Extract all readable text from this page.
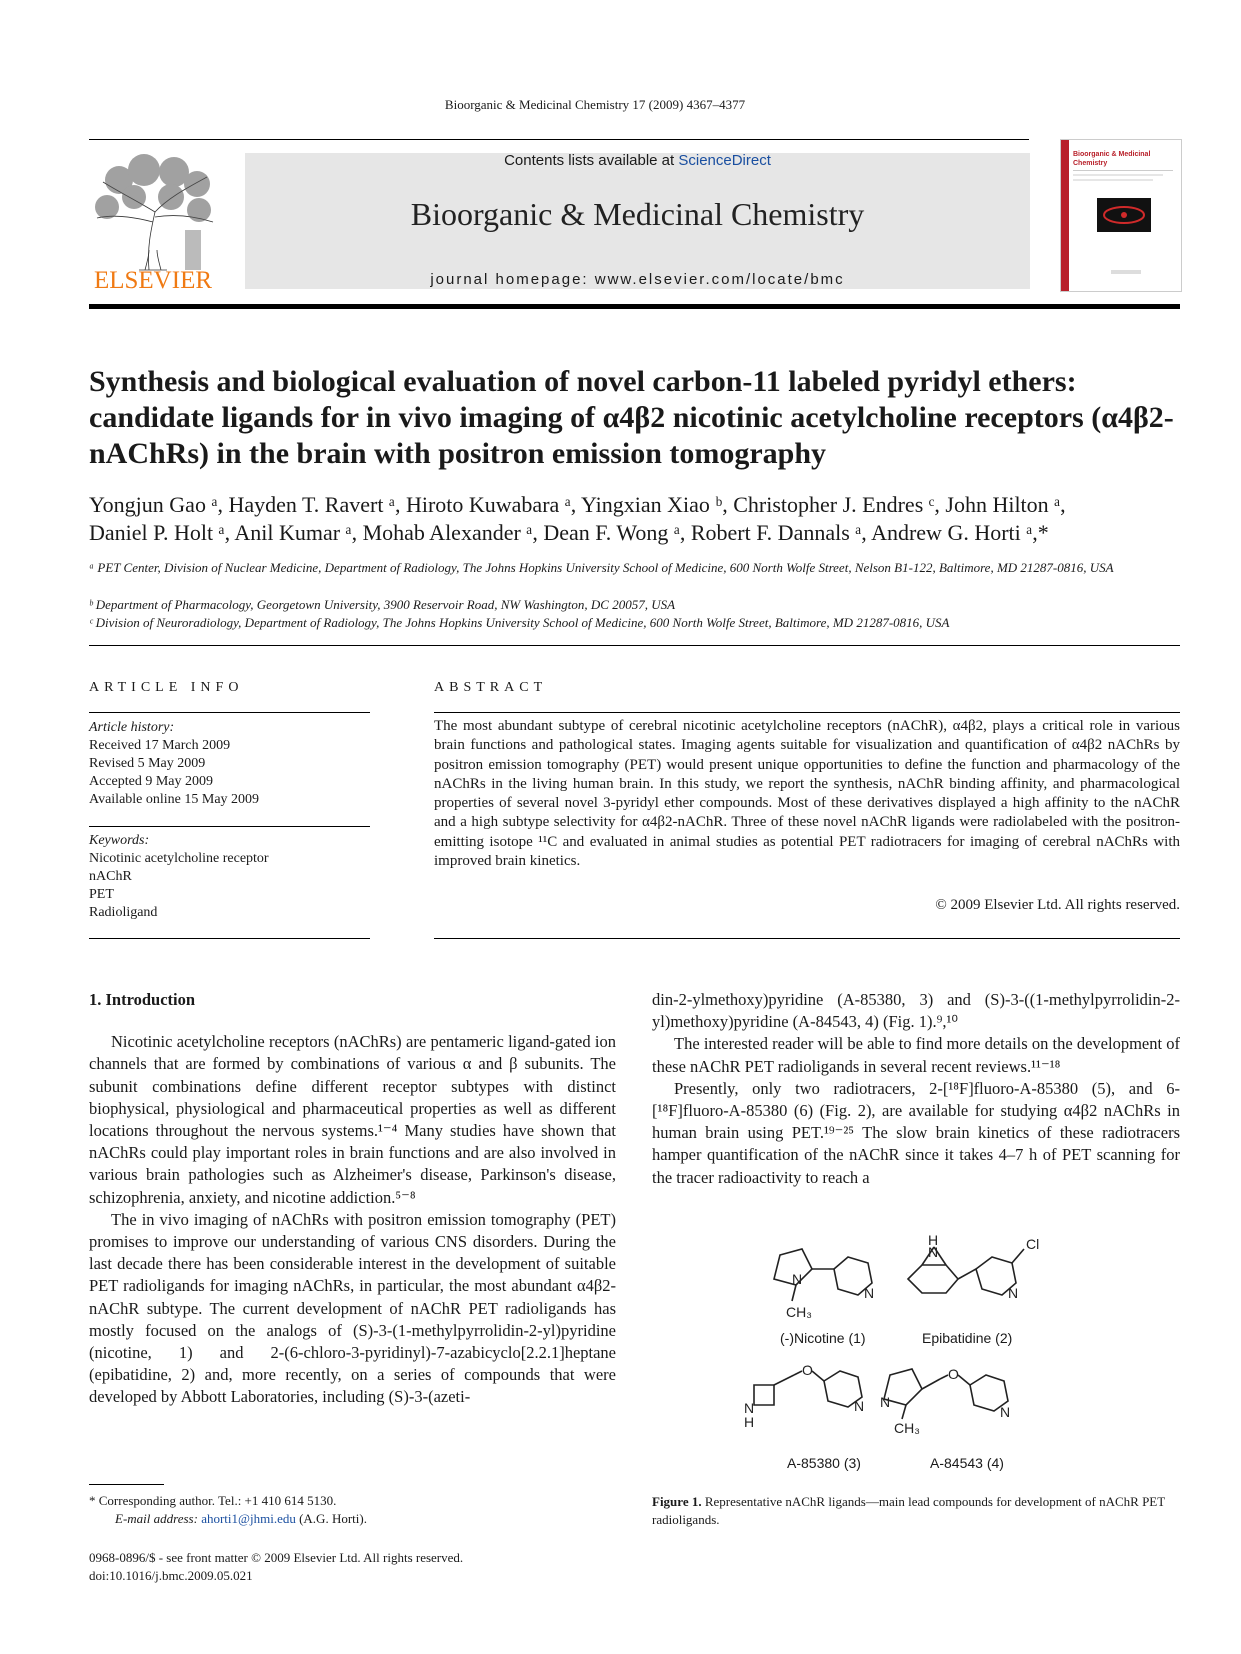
Bioorganic & Medicinal Chemistry 17 (2009) 4367–4377
ELSEVIER
Contents lists available at ScienceDirect
Bioorganic & Medicinal Chemistry
journal homepage: www.elsevier.com/locate/bmc
Bioorganic & Medicinal
Chemistry
Synthesis and biological evaluation of novel carbon-11 labeled pyridyl ethers: candidate ligands for in vivo imaging of α4β2 nicotinic acetylcholine receptors (α4β2-nAChRs) in the brain with positron emission tomography
Yongjun Gao ᵃ, Hayden T. Ravert ᵃ, Hiroto Kuwabara ᵃ, Yingxian Xiao ᵇ, Christopher J. Endres ᶜ, John Hilton ᵃ,
Daniel P. Holt ᵃ, Anil Kumar ᵃ, Mohab Alexander ᵃ, Dean F. Wong ᵃ, Robert F. Dannals ᵃ, Andrew G. Horti ᵃ,*
ᵃ PET Center, Division of Nuclear Medicine, Department of Radiology, The Johns Hopkins University School of Medicine, 600 North Wolfe Street, Nelson B1-122, Baltimore, MD 21287-0816, USA
ᵇ Department of Pharmacology, Georgetown University, 3900 Reservoir Road, NW Washington, DC 20057, USA
ᶜ Division of Neuroradiology, Department of Radiology, The Johns Hopkins University School of Medicine, 600 North Wolfe Street, Baltimore, MD 21287-0816, USA
ARTICLE INFO
Article history:
Received 17 March 2009
Revised 5 May 2009
Accepted 9 May 2009
Available online 15 May 2009
Keywords:
Nicotinic acetylcholine receptor
nAChR
PET
Radioligand
ABSTRACT
The most abundant subtype of cerebral nicotinic acetylcholine receptors (nAChR), α4β2, plays a critical role in various brain functions and pathological states. Imaging agents suitable for visualization and quantification of α4β2 nAChRs by positron emission tomography (PET) would present unique opportunities to define the function and pharmacology of the nAChRs in the living human brain. In this study, we report the synthesis, nAChR binding affinity, and pharmacological properties of several novel 3-pyridyl ether compounds. Most of these derivatives displayed a high affinity to the nAChR and a high subtype selectivity for α4β2-nAChR. Three of these novel nAChR ligands were radiolabeled with the positron-emitting isotope ¹¹C and evaluated in animal studies as potential PET radiotracers for imaging of cerebral nAChRs with improved brain kinetics.
© 2009 Elsevier Ltd. All rights reserved.
1. Introduction

Nicotinic acetylcholine receptors (nAChRs) are pentameric ligand-gated ion channels that are formed by combinations of various α and β subunits. The subunit combinations define different receptor subtypes with distinct biophysical, physiological and pharmaceutical properties as well as different locations throughout the nervous systems.¹⁻⁴ Many studies have shown that nAChRs could play important roles in brain functions and are also involved in various brain pathologies such as Alzheimer's disease, Parkinson's disease, schizophrenia, anxiety, and nicotine addiction.⁵⁻⁸

The in vivo imaging of nAChRs with positron emission tomography (PET) promises to improve our understanding of various CNS disorders. During the last decade there has been considerable interest in the development of suitable PET radioligands for imaging nAChRs, in particular, the most abundant α4β2-nAChR subtype. The current development of nAChR PET radioligands has mostly focused on the analogs of (S)-3-(1-methylpyrrolidin-2-yl)pyridine (nicotine, 1) and 2-(6-chloro-3-pyridinyl)-7-azabicyclo[2.2.1]heptane (epibatidine, 2) and, more recently, on a series of compounds that were developed by Abbott Laboratories, including (S)-3-(azeti-

din-2-ylmethoxy)pyridine (A-85380, 3) and (S)-3-((1-methylpyrrolidin-2-yl)methoxy)pyridine (A-84543, 4) (Fig. 1).⁹,¹⁰

The interested reader will be able to find more details on the development of these nAChR PET radioligands in several recent reviews.¹¹⁻¹⁸

Presently, only two radiotracers, 2-[¹⁸F]fluoro-A-85380 (5), and 6-[¹⁸F]fluoro-A-85380 (6) (Fig. 2), are available for studying α4β2 nAChRs in human brain using PET.¹⁹⁻²⁵ The slow brain kinetics of these radiotracers hamper quantification of the nAChR since it takes 4–7 h of PET scanning for the tracer radioactivity to reach a

N
CH₃
N
H
N	Cl
N
N
H
O
N N
CH₃
O
N
(-)Nicotine (1)	Epibatidine (2)
A-85380 (3)	A-84543 (4)
Figure 1. Representative nAChR ligands—main lead compounds for development of nAChR PET radioligands.
* Corresponding author. Tel.: +1 410 614 5130.
E-mail address: ahorti1@jhmi.edu (A.G. Horti).
0968-0896/$ - see front matter © 2009 Elsevier Ltd. All rights reserved.
doi:10.1016/j.bmc.2009.05.021
